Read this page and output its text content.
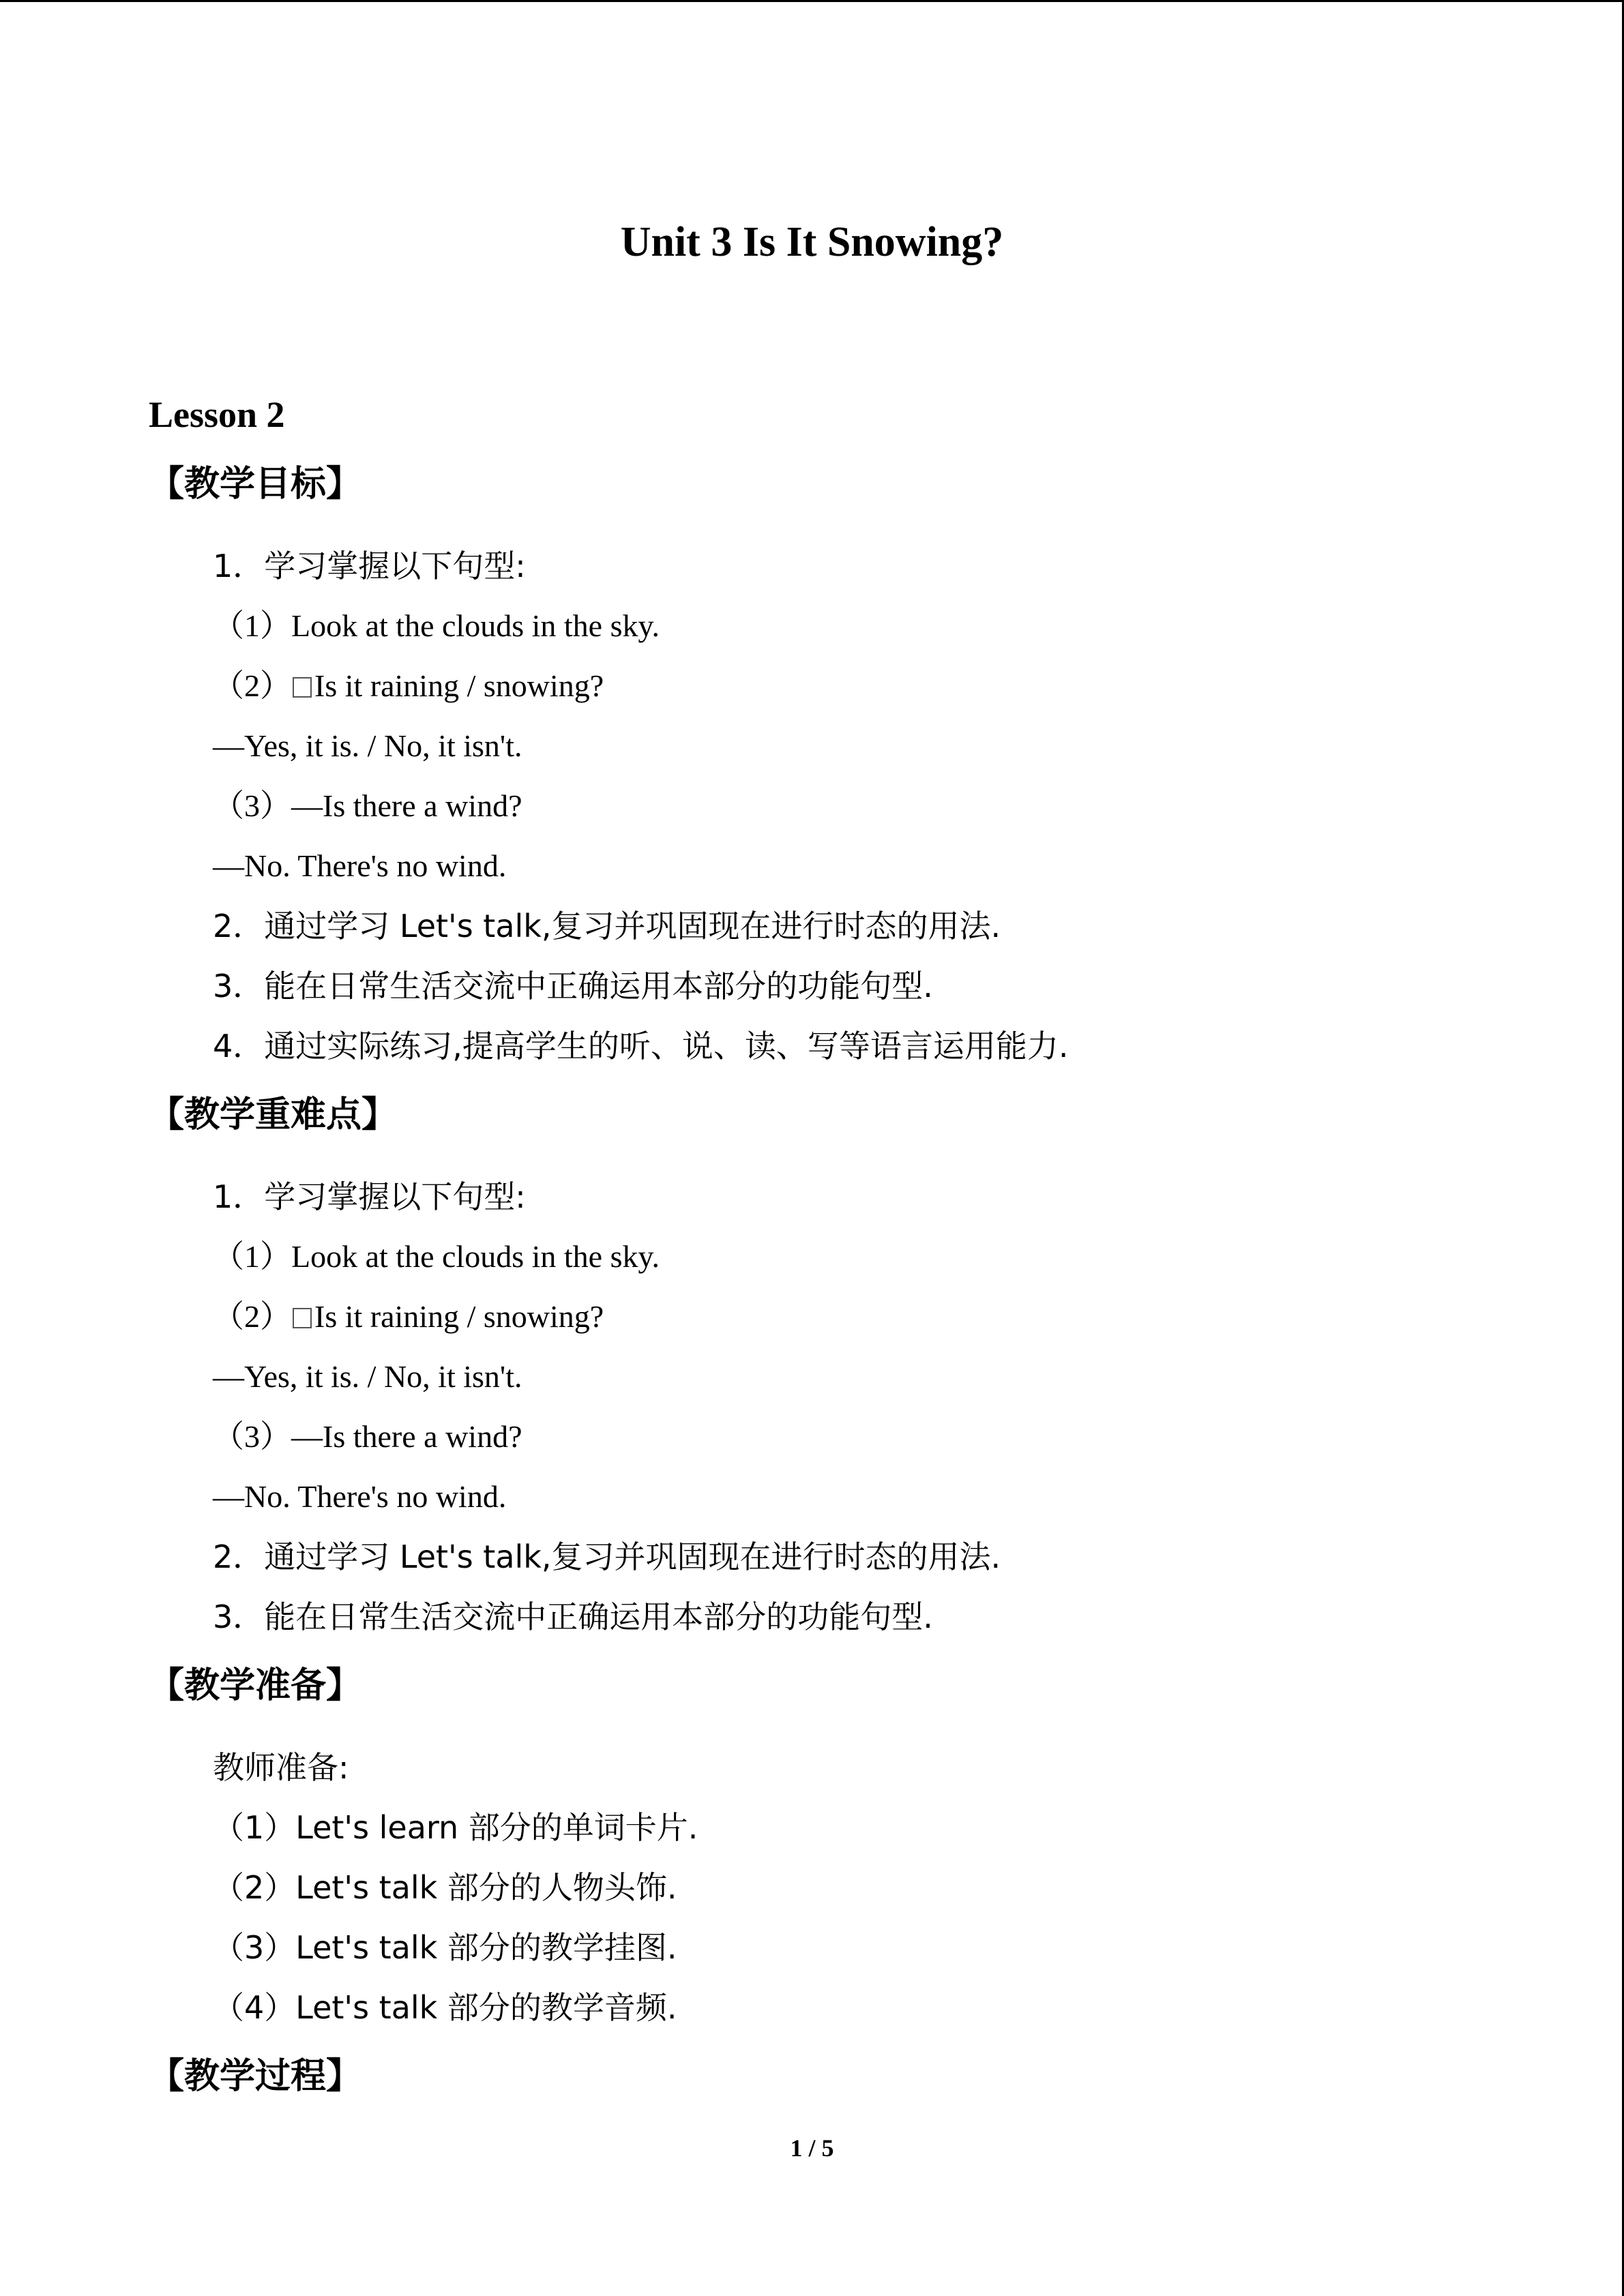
Unit 3 Is It Snowing?
Lesson 2
【教学目标】
1．学习掌握以下句型:
（1）Look at the clouds in the sky.
（2） Is it raining / snowing?
—Yes, it is. / No, it isn't.
（3）—Is there a wind?
—No. There's no wind.
2．通过学习 Let's talk,复习并巩固现在进行时态的用法.
3．能在日常生活交流中正确运用本部分的功能句型.
4．通过实际练习,提高学生的听、说、读、写等语言运用能力.
【教学重难点】
1．学习掌握以下句型:
（1）Look at the clouds in the sky.
（2） Is it raining / snowing?
—Yes, it is. / No, it isn't.
（3）—Is there a wind?
—No. There's no wind.
2．通过学习 Let's talk,复习并巩固现在进行时态的用法.
3．能在日常生活交流中正确运用本部分的功能句型.
【教学准备】
教师准备:
（1）Let's learn 部分的单词卡片.
（2）Let's talk 部分的人物头饰.
（3）Let's talk 部分的教学挂图.
（4）Let's talk 部分的教学音频.
【教学过程】
1 / 5
